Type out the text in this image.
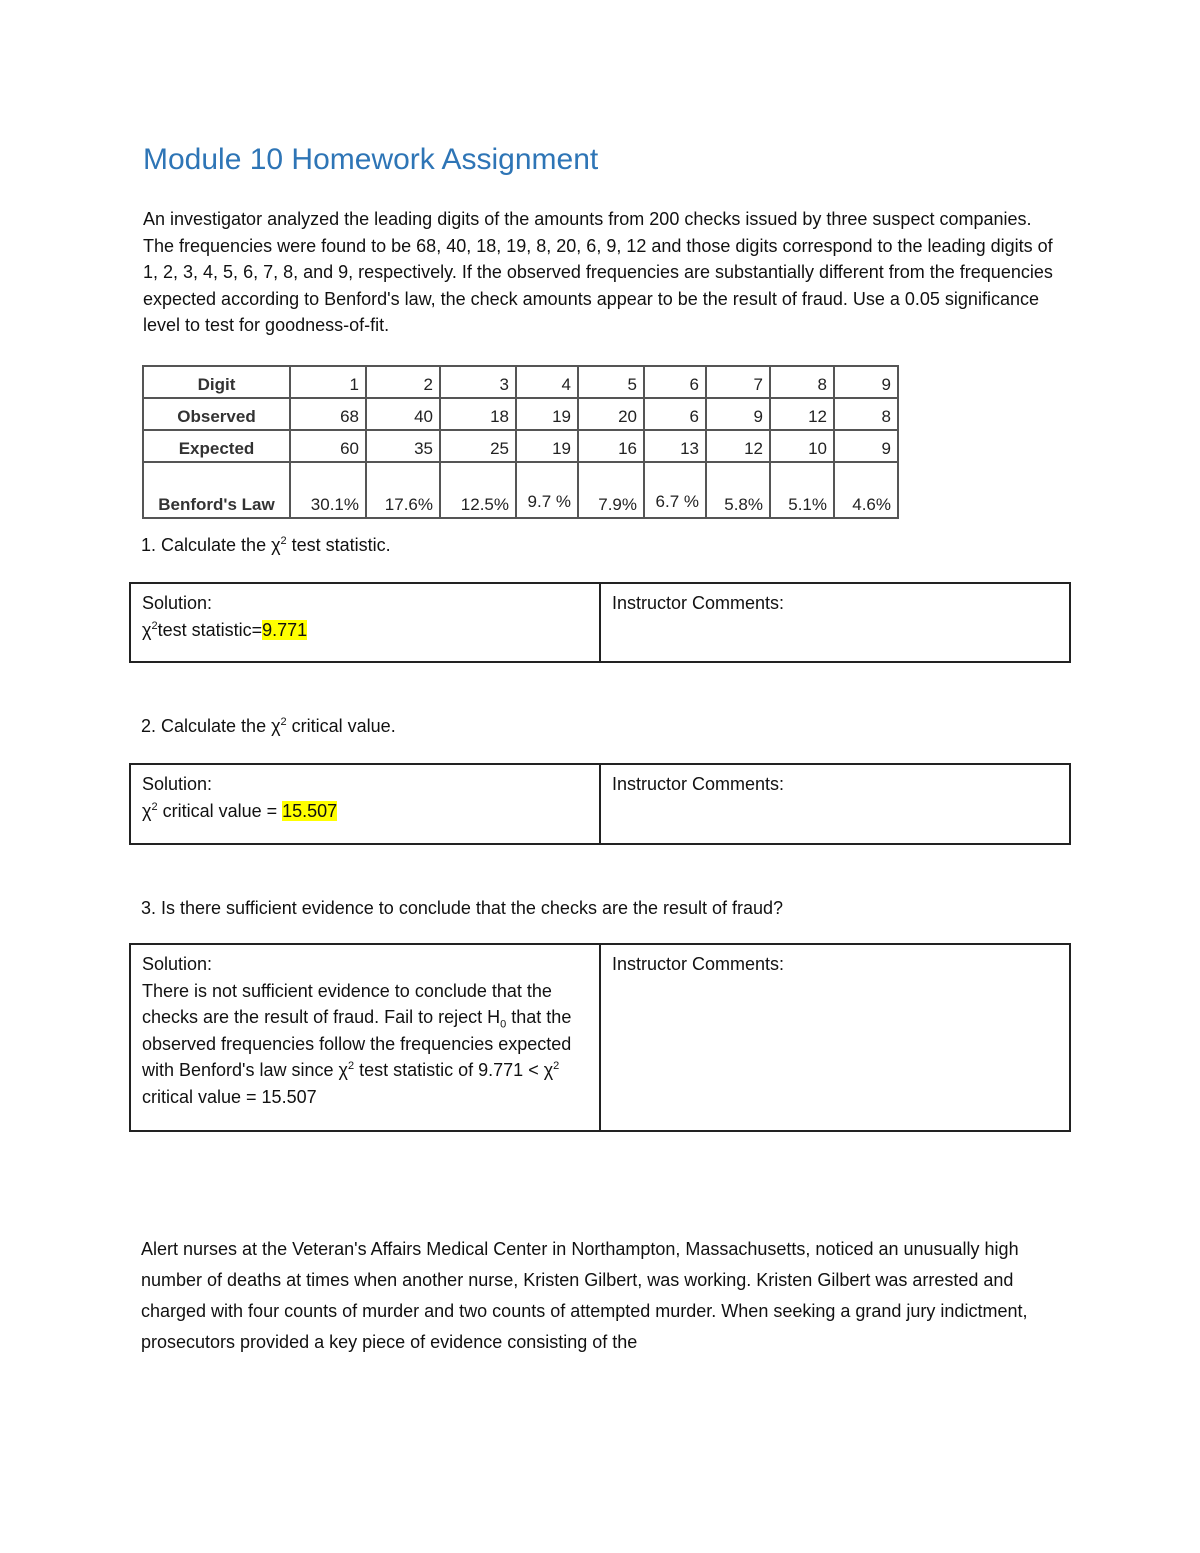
Module 10 Homework Assignment

An investigator analyzed the leading digits of the amounts from 200 checks issued by three suspect companies. The frequencies were found to be 68, 40, 18, 19, 8, 20, 6, 9, 12 and those digits correspond to the leading digits of 1, 2, 3, 4, 5, 6, 7, 8, and 9, respectively. If the observed frequencies are substantially different from the frequencies expected according to Benford's law, the check amounts appear to be the result of fraud. Use a 0.05 significance level to test for goodness-of-fit.

Digit	1	2	3	4	5	6	7	8	9
Observed	68	40	18	19	20	6	9	12	8
Expected	60	35	25	19	16	13	12	10	9
Benford's Law	30.1%	17.6%	12.5%	9.7 %	7.9%	6.7 %	5.8%	5.1%	4.6%

1. Calculate the $\chi^2$ test statistic.

Solution:
$\chi^2test$ statistic=9.771
Instructor Comments:

2. Calculate the $\chi^2$ critical value.

Solution:
$\chi^2$ critical value = 15.507
Instructor Comments:

3. Is there sufficient evidence to conclude that the checks are the result of fraud?

Solution:
There is not sufficient evidence to conclude that the checks are the result of fraud. Fail to reject $H_0$ that the observed frequencies follow the frequencies expected with Benford's law since $\chi^2$ test statistic of $9.771 < \chi^2$ critical value = 15.507
Instructor Comments:

Alert nurses at the Veteran's Affairs Medical Center in Northampton, Massachusetts, noticed an unusually high number of deaths at times when another nurse, Kristen Gilbert, was working. Kristen Gilbert was arrested and charged with four counts of murder and two counts of attempted murder. When seeking a grand jury indictment, prosecutors provided a key piece of evidence consisting of the
